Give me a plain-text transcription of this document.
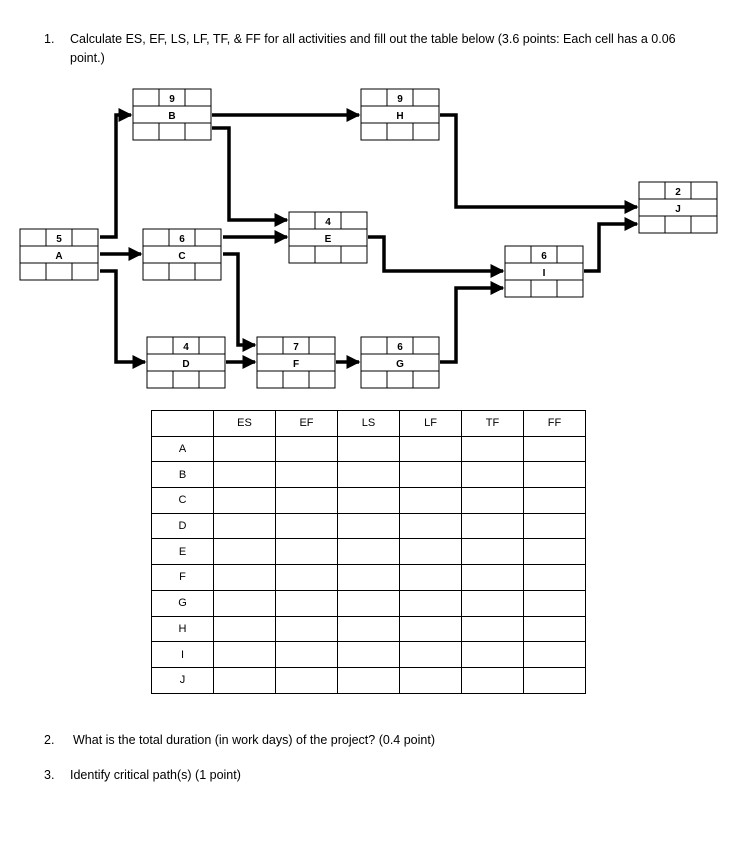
1. Calculate ES, EF, LS, LF, TF, & FF for all activities and fill out the table below (3.6 points: Each cell has a 0.06 point.)
5
A
9
B
6
C
4
D
4
E
7
F
6
G
9
H
6
I
2
J
	ES	EF	LS	LF	TF	FF
A						
B						
C						
D						
E						
F						
G						
H						
I						
J						
2. What is the total duration (in work days) of the project? (0.4 point)
3. Identify critical path(s) (1 point)
